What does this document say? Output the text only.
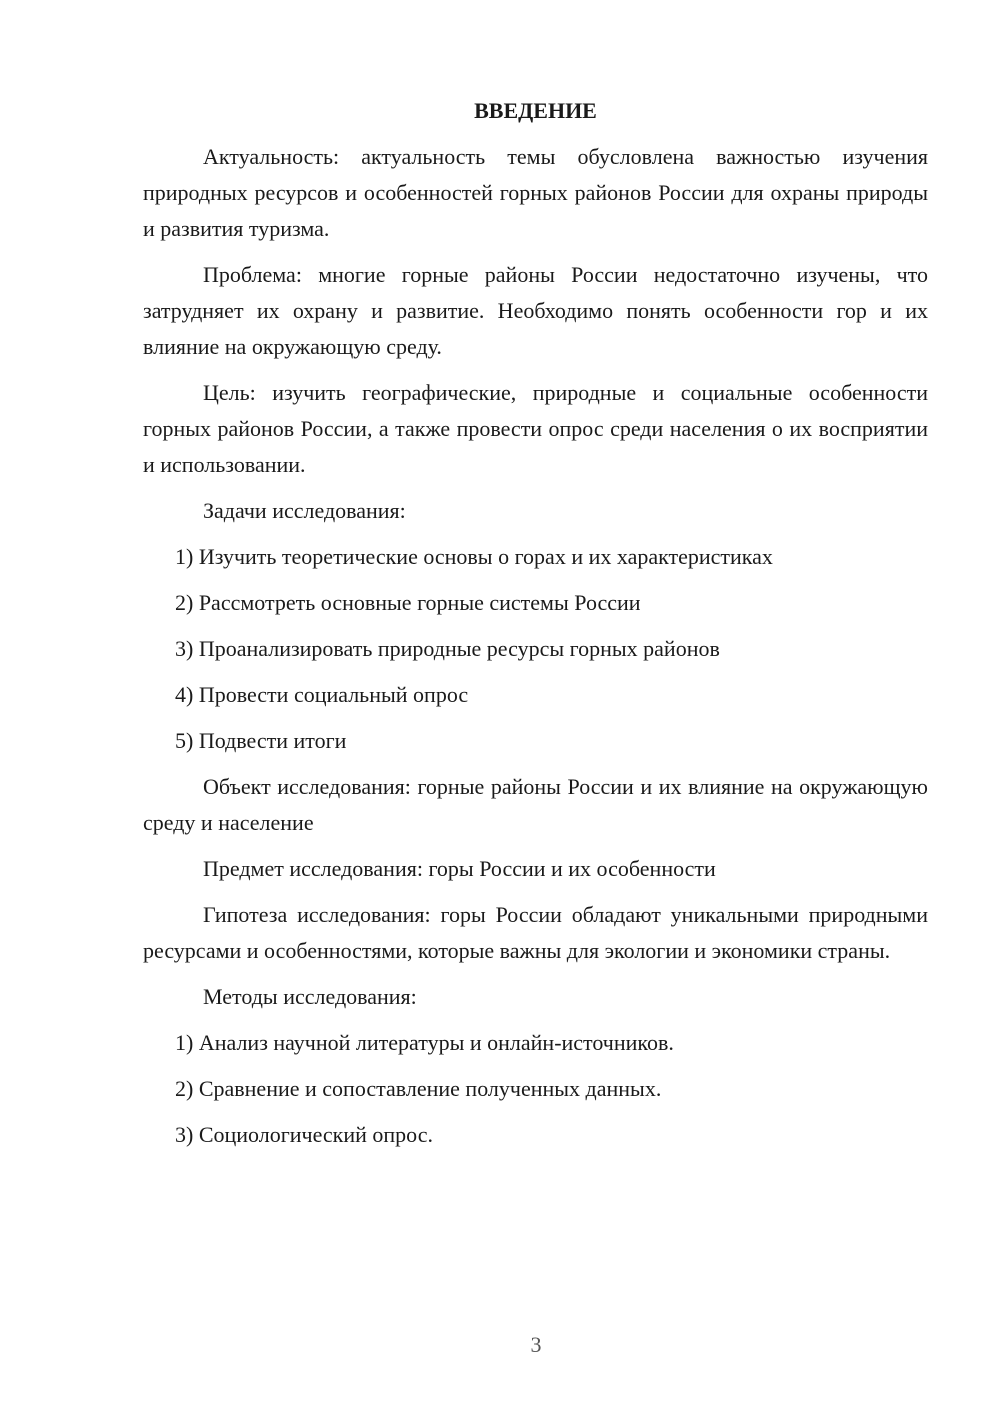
ВВЕДЕНИЕ

Актуальность: актуальность темы обусловлена важностью изучения природных ресурсов и особенностей горных районов России для охраны природы и развития туризма.

Проблема: многие горные районы России недостаточно изучены, что затрудняет их охрану и развитие. Необходимо понять особенности гор и их влияние на окружающую среду.

Цель: изучить географические, природные и социальные особенности горных районов России, а также провести опрос среди населения о их восприятии и использовании.

Задачи исследования:

1) Изучить теоретические основы о горах и их характеристиках
2) Рассмотреть основные горные системы России
3) Проанализировать природные ресурсы горных районов
4) Провести социальный опрос
5) Подвести итоги

Объект исследования: горные районы России и их влияние на окружающую среду и население

Предмет исследования: горы России и их особенности

Гипотеза исследования: горы России обладают уникальными природными ресурсами и особенностями, которые важны для экологии и экономики страны.

Методы исследования:

1) Анализ научной литературы и онлайн-источников.
2) Сравнение и сопоставление полученных данных.
3) Социологический опрос.
3
